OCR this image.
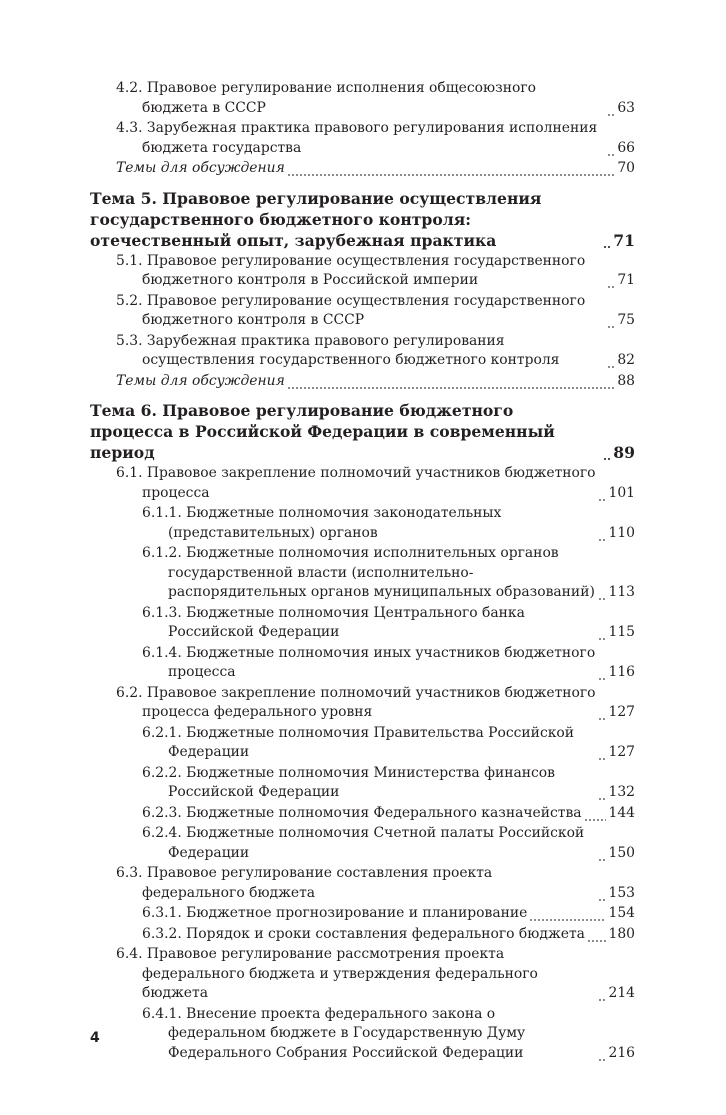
4.2. Правовое регулирование исполнения общесоюзного бюджета в СССР	63
4.3. Зарубежная практика правового регулирования исполнения бюджета государства	66
Темы для обсуждения	70
Тема 5. Правовое регулирование осуществления государственного бюджетного контроля: отечественный опыт, зарубежная практика	71
5.1. Правовое регулирование осуществления государственного бюджетного контроля в Российской империи	71
5.2. Правовое регулирование осуществления государственного бюджетного контроля в СССР	75
5.3. Зарубежная практика правового регулирования осуществления государственного бюджетного контроля	82
Темы для обсуждения	88
Тема 6. Правовое регулирование бюджетного процесса в Российской Федерации в современный период	89
6.1. Правовое закрепление полномочий участников бюджетного процесса	101
6.1.1. Бюджетные полномочия законодательных (представительных) органов	110
6.1.2. Бюджетные полномочия исполнительных органов государственной власти (исполнительно-распорядительных органов муниципальных образований) 113
6.1.3. Бюджетные полномочия Центрального банка Российской Федерации	115
6.1.4. Бюджетные полномочия иных участников бюджетного процесса	116
6.2. Правовое закрепление полномочий участников бюджетного процесса федерального уровня	127
6.2.1. Бюджетные полномочия Правительства Российской Федерации	127
6.2.2. Бюджетные полномочия Министерства финансов Российской Федерации	132
6.2.3. Бюджетные полномочия Федерального казначейства 144
6.2.4. Бюджетные полномочия Счетной палаты Российской Федерации	150
6.3. Правовое регулирование составления проекта федерального бюджета	153
6.3.1. Бюджетное прогнозирование и планирование	154
6.3.2. Порядок и сроки составления федерального бюджета 180
6.4. Правовое регулирование рассмотрения проекта федерального бюджета и утверждения федерального бюджета	214
6.4.1. Внесение проекта федерального закона о федеральном бюджете в Государственную Думу Федерального Собрания Российской Федерации	216
4
